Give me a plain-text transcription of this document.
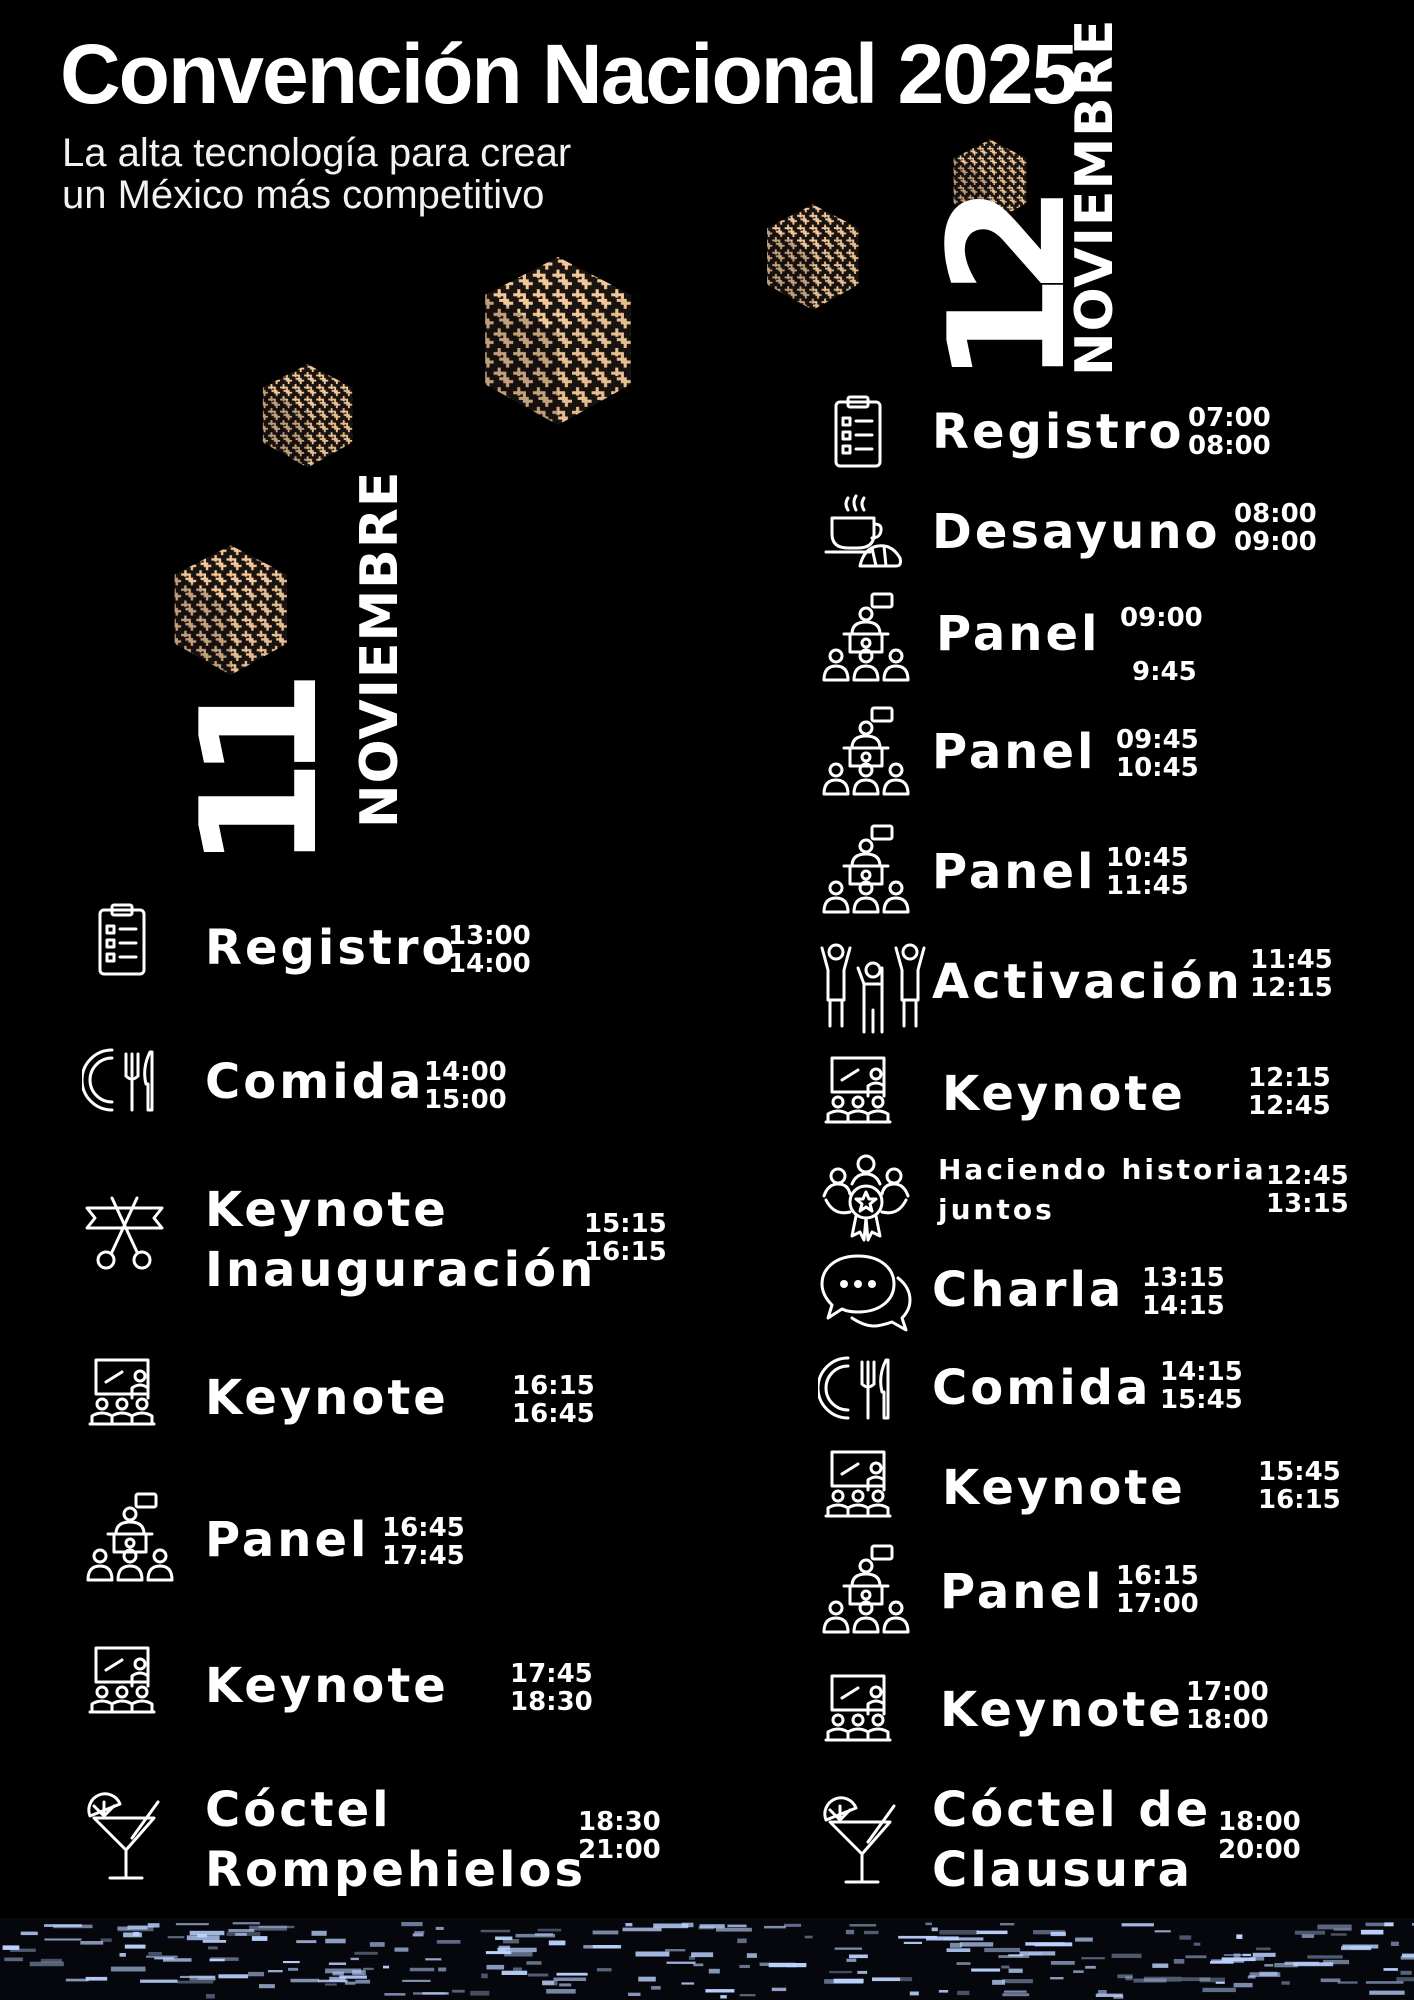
Convención Nacional 2025

La alta tecnología para crear
un México más competitivo

11
NOVIEMBRE
12
NOVIEMBRE
Registro
13:00
14:00
Comida 14:00
15:00
Keynote
Inauguración
15:15
16:15
Keynote 16:15
16:45
Panel 16:45
17:45
Keynote 17:45
18:30
Cóctel
Rompehielos
18:30
21:00
Registro 07:00
08:00
Desayuno 08:00
09:00
Panel 09:00
9:45
Panel 09:45
10:45
Panel 10:45
11:45
Activación 11:45
12:15
Keynote 12:15
12:45
Haciendo historia
juntos
12:45
13:15
Charla 13:15
14:15
Comida 14:15
15:45
Keynote	15:45
16:15
Panel 16:15
17:00
Keynote 17:00
18:00
Cóctel de
Clausura
18:00
20:00
